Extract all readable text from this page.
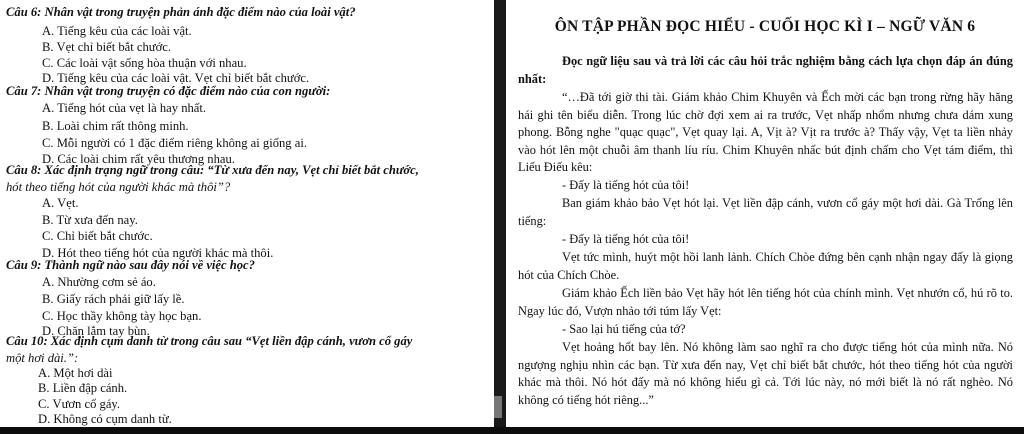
Câu 6: Nhân vật trong truyện phản ánh đặc điểm nào của loài vật?
A. Tiếng kêu của các loài vật.
B. Vẹt chỉ biết bắt chước.
C. Các loài vật sống hòa thuận với nhau.
D. Tiếng kêu của các loài vật. Vẹt chỉ biết bắt chước.
Câu 7: Nhân vật trong truyện có đặc điểm nào của con người:
A. Tiếng hót của vẹt là hay nhất.
B. Loài chim rất thông minh.
C. Mỗi người có 1 đặc điểm riêng không ai giống ai.
D. Các loài chim rất yêu thương nhau.
Câu 8: Xác định trạng ngữ trong câu: “Từ xưa đến nay, Vẹt chỉ biết bắt chước,
hót theo tiếng hót của người khác mà thôi”?
A. Vẹt.
B. Từ xưa đến nay.
C. Chỉ biết bắt chước.
D. Hót theo tiếng hót của người khác mà thôi.
Câu 9: Thành ngữ nào sau đây nói về việc học?
A. Nhường cơm sẻ áo.
B. Giấy rách phải giữ lấy lề.
C. Học thầy không tày học bạn.
D. Chăn lắm tay bùn.
Câu 10: Xác định cụm danh từ trong câu sau “Vẹt liền đập cánh, vươn cổ gáy
một hơi dài.”:
A. Một hơi dài
B. Liền đập cánh.
C. Vươn cổ gáy.
D. Không có cụm danh từ.
ÔN TẬP PHẦN ĐỌC HIỂU - CUỐI HỌC KÌ I – NGỮ VĂN 6
Đọc ngữ liệu sau và trả lời các câu hỏi trắc nghiệm bằng cách lựa chọn đáp án đúng nhất:
“…Đã tới giờ thi tài. Giám khảo Chim Khuyên và Ếch mời các bạn trong rừng hãy hăng hái ghi tên biểu diễn. Trong lúc chờ đợi xem ai ra trước, Vẹt nhấp nhổm nhưng chưa dám xung phong. Bỗng nghe "quạc quạc", Vẹt quay lại. A, Vịt à? Vịt ra trước à? Thấy vậy, Vẹt ta liền nhảy vào hót lên một chuỗi âm thanh líu ríu. Chim Khuyên nhấc bút định chấm cho Vẹt tám điểm, thì Liếu Điếu kêu:
- Đấy là tiếng hót của tôi!
Ban giám khảo bảo Vẹt hót lại. Vẹt liền đập cánh, vươn cổ gáy một hơi dài. Gà Trống lên tiếng:
- Đấy là tiếng hót của tôi!
Vẹt tức mình, huýt một hồi lanh lảnh. Chích Chòe đứng bên cạnh nhận ngay đấy là giọng hót của Chích Chòe.
Giám khảo Ếch liền bảo Vẹt hãy hót lên tiếng hót của chính mình. Vẹt nhướn cổ, hú rõ to. Ngay lúc đó, Vượn nhảo tới túm lấy Vẹt:
- Sao lại hú tiếng của tớ?
Vẹt hoảng hốt bay lên. Nó không làm sao nghĩ ra cho được tiếng hót của mình nữa. Nó ngượng nghịu nhìn các bạn. Từ xưa đến nay, Vẹt chỉ biết bắt chước, hót theo tiếng hót của người khác mà thôi. Nó hót đấy mà nó không hiểu gì cả. Tới lúc này, nó mới biết là nó rất nghèo. Nó không có tiếng hót riêng...”
